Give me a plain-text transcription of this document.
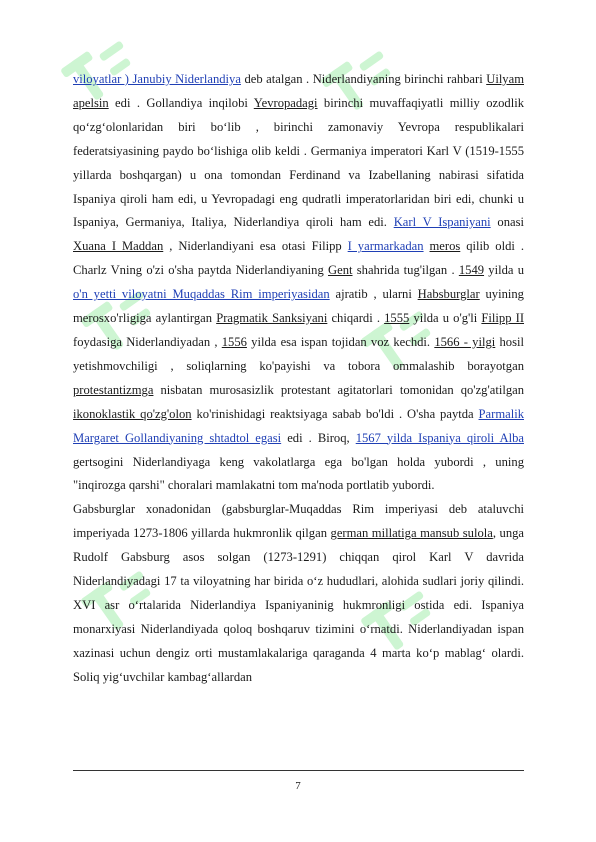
viloyatlar ) Janubiy Niderlandiya deb atalgan . Niderlandiyaning birinchi rahbari Uilyam apelsin edi . Gollandiya inqilobi Yevropadagi birinchi muvaffaqiyatli milliy ozodlik qo‘zg‘olonlaridan biri bo‘lib , birinchi zamonaviy Yevropa respublikalari federatsiyasining paydo bo‘lishiga olib keldi . Germaniya imperatori Karl V (1519-1555 yillarda boshqargan) u ona tomondan Ferdinand va Izabellaning nabirasi sifatida Ispaniya qiroli ham edi, u Yevropadagi eng qudratli imperatorlaridan biri edi, chunki u Ispaniya, Germaniya, Italiya, Niderlandiya qiroli ham edi. Karl V Ispaniyani onasi Xuana I Maddan , Niderlandiyani esa otasi Filipp I yarmarkadan meros qilib oldi . Charlz Vning o'zi o'sha paytda Niderlandiyaning Gent shahrida tug'ilgan . 1549 yilda u o'n yetti viloyatni Muqaddas Rim imperiyasidan ajratib , ularni Habsburglar uyining merosxo'rligiga aylantirgan Pragmatik Sanksiyani chiqardi . 1555 yilda u o'g'li Filipp II foydasiga Niderlandiyadan , 1556 yilda esa ispan tojidan voz kechdi. 1566 - yilgi hosil yetishmovchiligi , soliqlarning ko'payishi va tobora ommalashib borayotgan protestantizmga nisbatan murosasizlik protestant agitatorlari tomonidan qo'zg'atilgan ikonoklastik qo'zg'olon ko'rinishidagi reaktsiyaga sabab bo'ldi . O'sha paytda Parmalik Margaret Gollandiyaning shtadtol egasi edi . Biroq, 1567 yilda Ispaniya qiroli Alba gertsogini Niderlandiyaga keng vakolatlarga ega bo'lgan holda yubordi , uning "inqirozga qarshi" choralari mamlakatni tom ma'noda portlatib yubordi.

Gabsburglar xonadonidan (gabsburglar-Muqaddas Rim imperiyasi deb ataluvchi imperiyada 1273-1806 yillarda hukmronlik qilgan german millatiga mansub sulola, unga Rudolf Gabsburg asos solgan (1273-1291) chiqqan qirol Karl V davrida Niderlandiyadagi 17 ta viloyatning har birida o‘z hududlari, alohida sudlari joriy qilindi. XVI asr o‘rtalarida Niderlandiya Ispaniyaninig hukmronligi ostida edi. Ispaniya monarxiyasi Niderlandiyada qoloq boshqaruv tizimini o‘rnatdi. Niderlandiyadan ispan xazinasi uchun dengiz orti mustamlakalariga qaraganda 4 marta ko‘p mablag‘ olardi. Soliq yig‘uvchilar kambag‘allardan

7
